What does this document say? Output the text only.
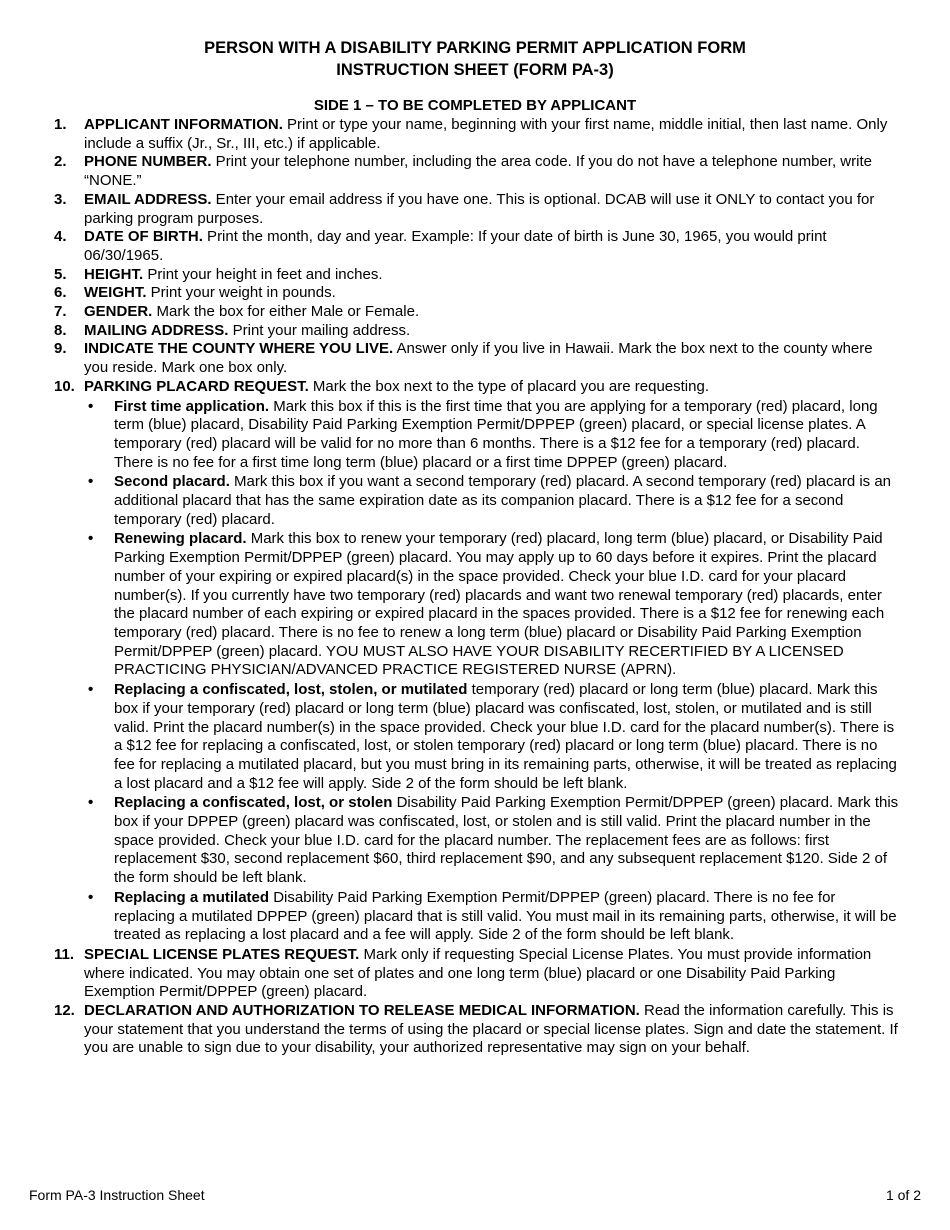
PERSON WITH A DISABILITY PARKING PERMIT APPLICATION FORM
INSTRUCTION SHEET (FORM PA-3)
SIDE 1 – TO BE COMPLETED BY APPLICANT
1. APPLICANT INFORMATION. Print or type your name, beginning with your first name, middle initial, then last name. Only include a suffix (Jr., Sr., III, etc.) if applicable.
2. PHONE NUMBER. Print your telephone number, including the area code. If you do not have a telephone number, write “NONE.”
3. EMAIL ADDRESS. Enter your email address if you have one. This is optional. DCAB will use it ONLY to contact you for parking program purposes.
4. DATE OF BIRTH. Print the month, day and year. Example: If your date of birth is June 30, 1965, you would print 06/30/1965.
5. HEIGHT. Print your height in feet and inches.
6. WEIGHT. Print your weight in pounds.
7. GENDER. Mark the box for either Male or Female.
8. MAILING ADDRESS. Print your mailing address.
9. INDICATE THE COUNTY WHERE YOU LIVE. Answer only if you live in Hawaii. Mark the box next to the county where you reside. Mark one box only.
10. PARKING PLACARD REQUEST. Mark the box next to the type of placard you are requesting.
• First time application. Mark this box if this is the first time that you are applying for a temporary (red) placard, long term (blue) placard, Disability Paid Parking Exemption Permit/DPPEP (green) placard, or special license plates. A temporary (red) placard will be valid for no more than 6 months. There is a $12 fee for a temporary (red) placard. There is no fee for a first time long term (blue) placard or a first time DPPEP (green) placard.
• Second placard. Mark this box if you want a second temporary (red) placard. A second temporary (red) placard is an additional placard that has the same expiration date as its companion placard. There is a $12 fee for a second temporary (red) placard.
• Renewing placard. Mark this box to renew your temporary (red) placard, long term (blue) placard, or Disability Paid Parking Exemption Permit/DPPEP (green) placard. You may apply up to 60 days before it expires. Print the placard number of your expiring or expired placard(s) in the space provided. Check your blue I.D. card for your placard number(s). If you currently have two temporary (red) placards and want two renewal temporary (red) placards, enter the placard number of each expiring or expired placard in the spaces provided. There is a $12 fee for renewing each temporary (red) placard. There is no fee to renew a long term (blue) placard or Disability Paid Parking Exemption Permit/DPPEP (green) placard. YOU MUST ALSO HAVE YOUR DISABILITY RECERTIFIED BY A LICENSED PRACTICING PHYSICIAN/ADVANCED PRACTICE REGISTERED NURSE (APRN).
• Replacing a confiscated, lost, stolen, or mutilated temporary (red) placard or long term (blue) placard. Mark this box if your temporary (red) placard or long term (blue) placard was confiscated, lost, stolen, or mutilated and is still valid. Print the placard number(s) in the space provided. Check your blue I.D. card for the placard number(s). There is a $12 fee for replacing a confiscated, lost, or stolen temporary (red) placard or long term (blue) placard. There is no fee for replacing a mutilated placard, but you must bring in its remaining parts, otherwise, it will be treated as replacing a lost placard and a $12 fee will apply. Side 2 of the form should be left blank.
• Replacing a confiscated, lost, or stolen Disability Paid Parking Exemption Permit/DPPEP (green) placard. Mark this box if your DPPEP (green) placard was confiscated, lost, or stolen and is still valid. Print the placard number in the space provided. Check your blue I.D. card for the placard number. The replacement fees are as follows: first replacement $30, second replacement $60, third replacement $90, and any subsequent replacement $120. Side 2 of the form should be left blank.
• Replacing a mutilated Disability Paid Parking Exemption Permit/DPPEP (green) placard. There is no fee for replacing a mutilated DPPEP (green) placard that is still valid. You must mail in its remaining parts, otherwise, it will be treated as replacing a lost placard and a fee will apply. Side 2 of the form should be left blank.
11. SPECIAL LICENSE PLATES REQUEST. Mark only if requesting Special License Plates. You must provide information where indicated. You may obtain one set of plates and one long term (blue) placard or one Disability Paid Parking Exemption Permit/DPPEP (green) placard.
12. DECLARATION AND AUTHORIZATION TO RELEASE MEDICAL INFORMATION. Read the information carefully. This is your statement that you understand the terms of using the placard or special license plates. Sign and date the statement. If you are unable to sign due to your disability, your authorized representative may sign on your behalf.
Form PA-3 Instruction Sheet	1 of 2
